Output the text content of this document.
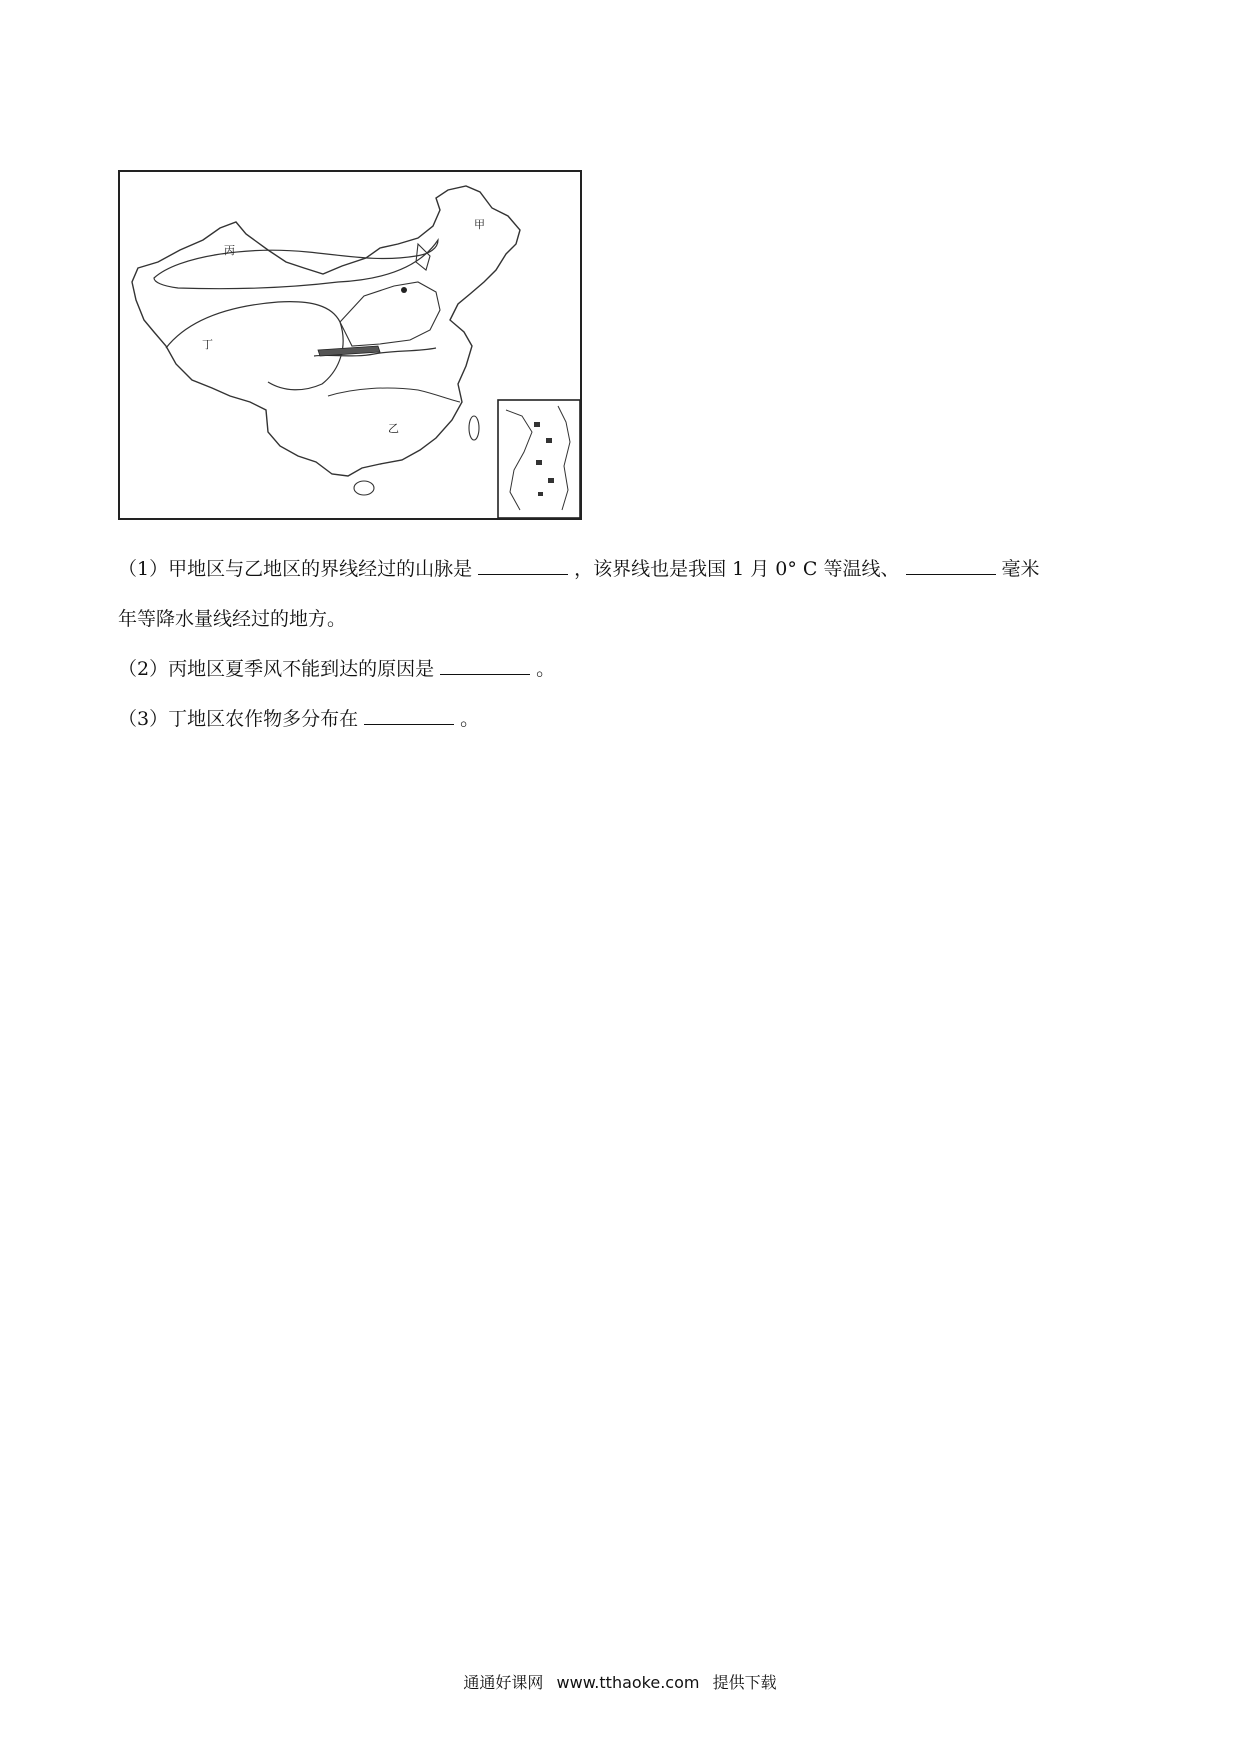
丙
甲
丁
乙
（1）甲地区与乙地区的界线经过的山脉是	，该界线也是我国 1 月 0° C 等温线、	毫米
年等降水量线经过的地方。
（2）丙地区夏季风不能到达的原因是	。
（3）丁地区农作物多分布在	。
通通好课网 www.tthaoke.com 提供下载
